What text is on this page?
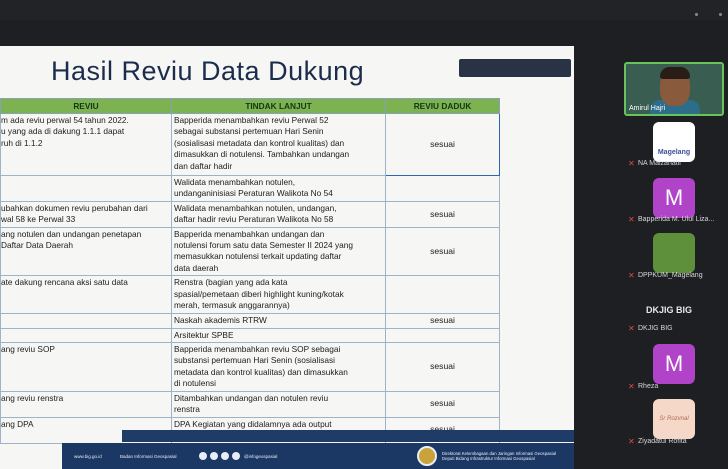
Hasil Reviu Data Dukung
REVIU	TINDAK LANJUT	REVIU DADUK

m ada reviu perwal 54 tahun 2022.
u yang ada di dakung 1.1.1 dapat
ruh di 1.1.2	Bapperida menambahkan reviu Perwal 52
sebagai substansi pertemuan Hari Senin
(sosialisasi metadata dan kontrol kualitas) dan
dimasukkan di notulensi. Tambahkan undangan
dan daftar hadir	sesuai

	Walidata menambahkan notulen,
undanganinisiasi Peraturan Walikota No 54	

ubahkan dokumen reviu perubahan dari
wal 58 ke Perwal 33	Walidata menambahkan notulen, undangan,
daftar hadir reviu Peraturan Walikota No 58	sesuai

ang notulen dan undangan penetapan
Daftar Data Daerah	Bapperida menambahkan undangan dan
notulensi forum satu data Semester II 2024 yang
memasukkan notulensi terkait updating daftar
data daerah	sesuai

ate dakung rencana aksi satu data	Renstra (bagian yang ada kata
spasial/pemetaan diberi highlight kuning/kotak
merah, termasuk anggarannya)	

	Naskah akademis RTRW	sesuai

	Arsitektur SPBE	

ang reviu SOP	Bapperida menambahkan reviu SOP sebagai
substansi pertemuan Hari Senin (sosialisasi
metadata dan kontrol kualitas) dan dimasukkan
di notulensi	sesuai

ang reviu renstra	Ditambahkan undangan dan notulen reviu
renstra	sesuai

ang DPA	DPA Kegiatan yang didalamnya ada output

www.big.go.id	Badan Informasi Geospasial	@infogeospasial
Direktorat Kelembagaan dan Jaringan Informasi Geospasial
Deputi Bidang Infrastruktur Informasi Geospasial
Amirul Hajri
Magelang
✕ NA Malzanatii
M
✕ Bapperida M. Ulul Liza...
✕ DPPKUM_Magelang
DKJIG BIG
✕ DKJIG BIG
M
✕ Rheza
Sr Rozvnal
✕ Ziyadatul Rofita
